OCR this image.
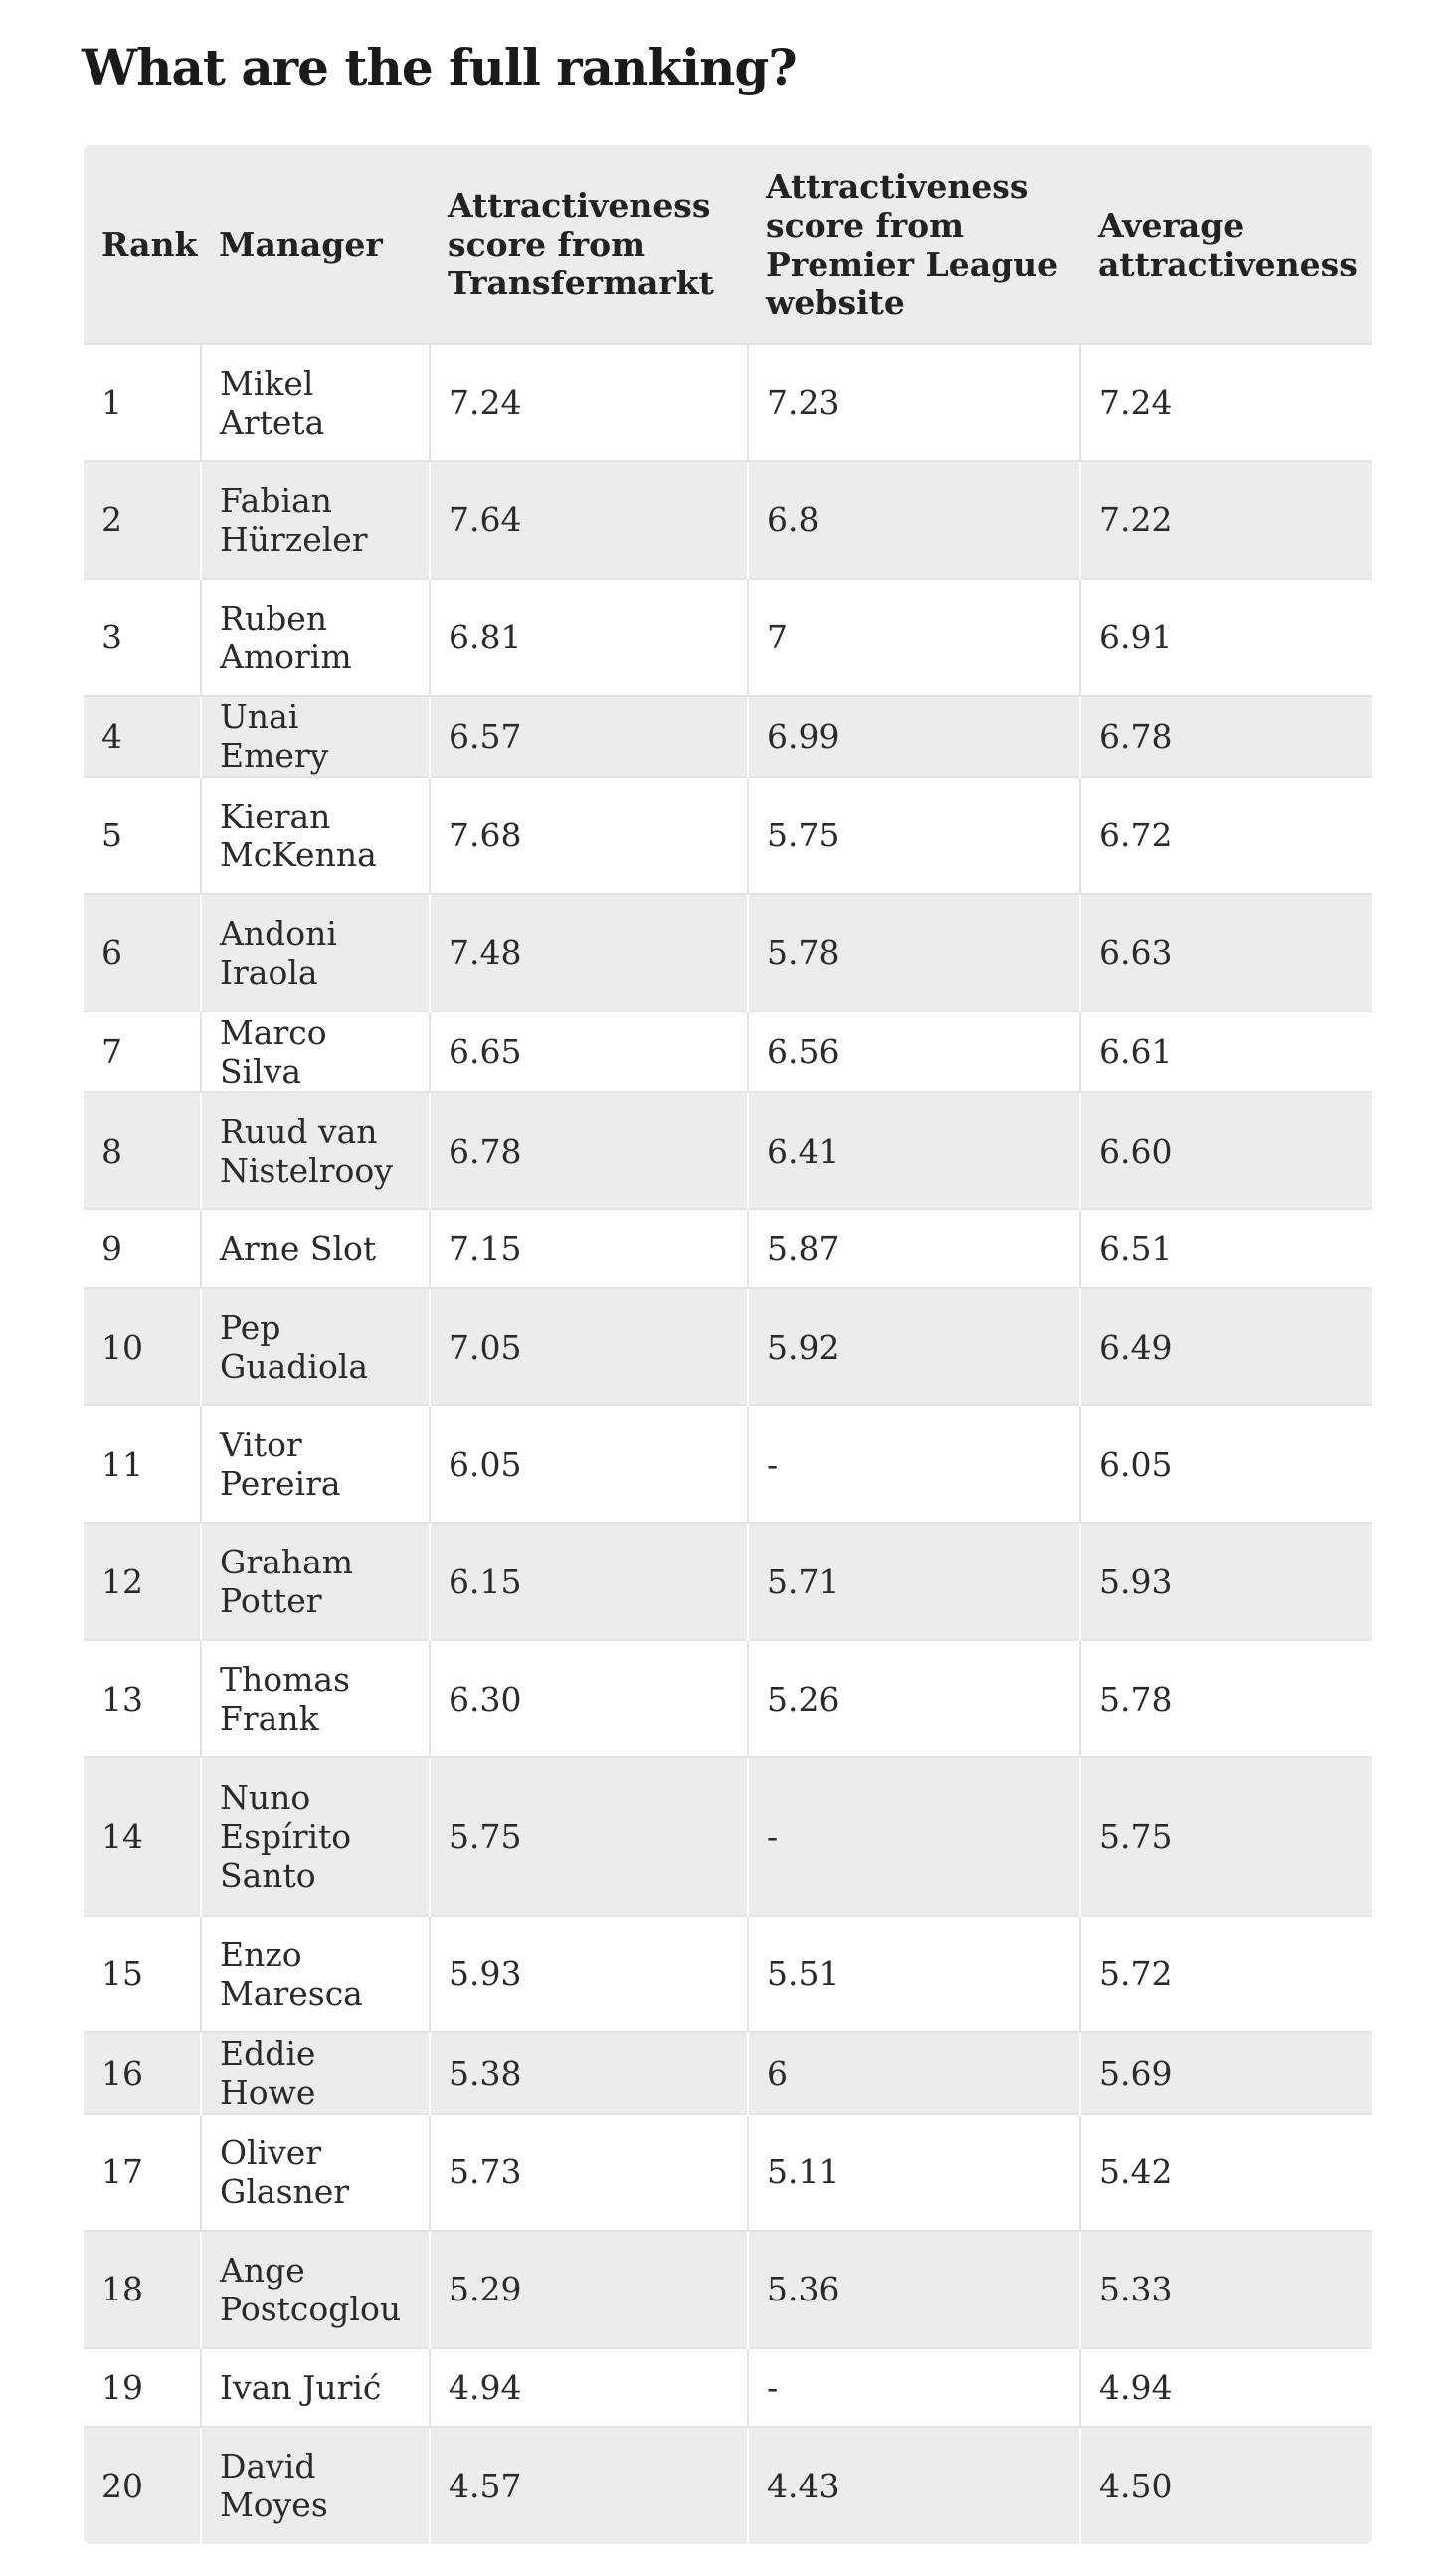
What are the full ranking?
Rank	Manager	Attractiveness score from Transfermarkt	Attractiveness score from Premier League website	Average attractiveness
1	Mikel Arteta	7.24	7.23	7.24
2	Fabian Hürzeler	7.64	6.8	7.22
3	Ruben Amorim	6.81	7	6.91
4	Unai Emery	6.57	6.99	6.78
5	Kieran McKenna	7.68	5.75	6.72
6	Andoni Iraola	7.48	5.78	6.63
7	Marco Silva	6.65	6.56	6.61
8	Ruud van Nistelrooy	6.78	6.41	6.60
9	Arne Slot	7.15	5.87	6.51
10	Pep Guadiola	7.05	5.92	6.49
11	Vitor Pereira	6.05	-	6.05
12	Graham Potter	6.15	5.71	5.93
13	Thomas Frank	6.30	5.26	5.78
14	Nuno Espírito Santo	5.75	-	5.75
15	Enzo Maresca	5.93	5.51	5.72
16	Eddie Howe	5.38	6	5.69
17	Oliver Glasner	5.73	5.11	5.42
18	Ange Postcoglou	5.29	5.36	5.33
19	Ivan Jurić	4.94	-	4.94
20	David Moyes	4.57	4.43	4.50
